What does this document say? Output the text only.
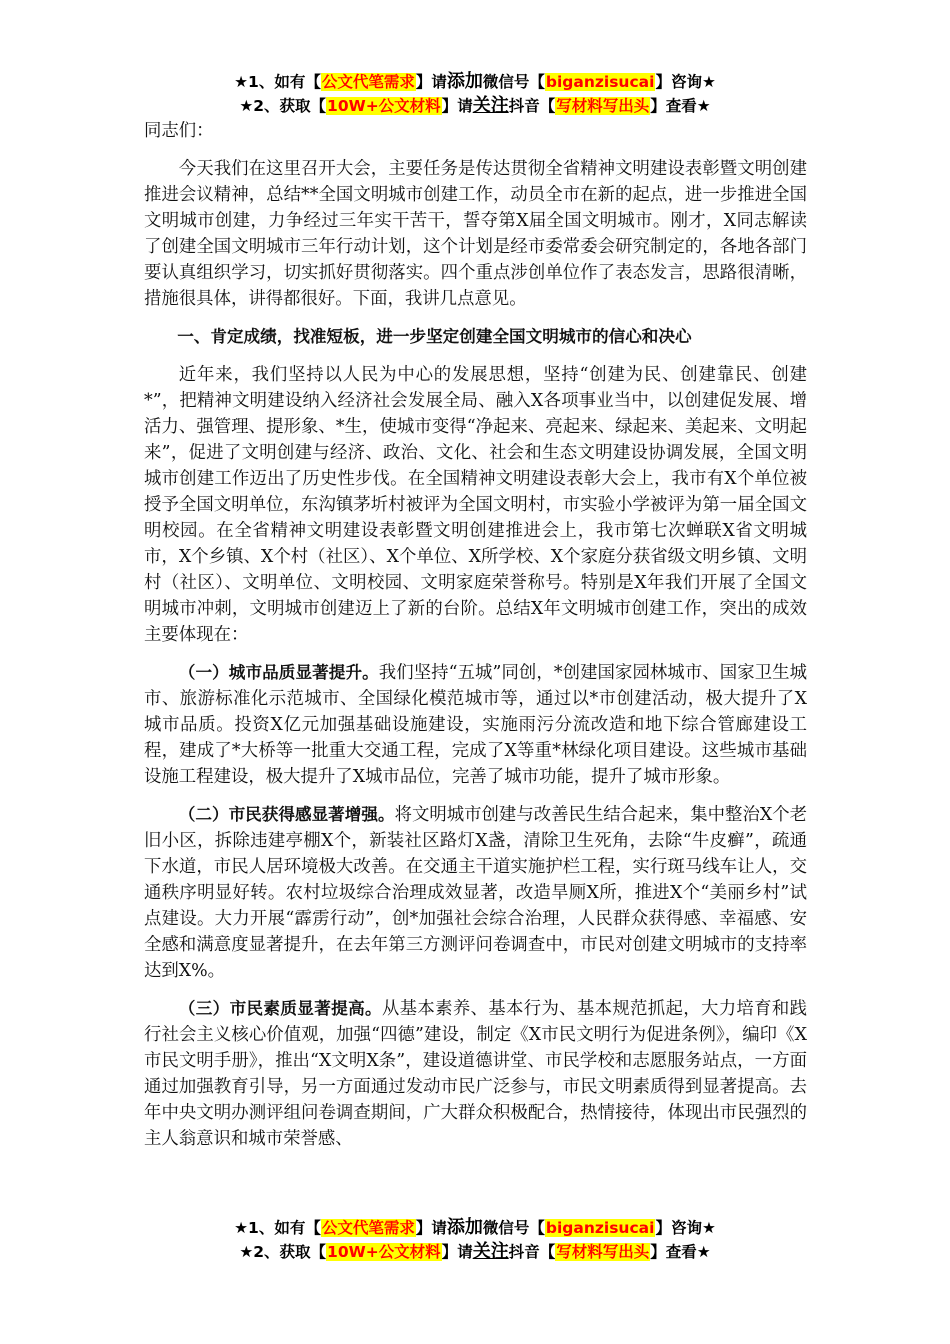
★1、如有【公文代笔需求】请添加微信号【biganzisucai】咨询★
★2、获取【10W+公文材料】请关注抖音【写材料写出头】查看★

同志们：

今天我们在这里召开大会，主要任务是传达贯彻全省精神文明建设表彰暨文明创建推进会议精神，总结**全国文明城市创建工作，动员全市在新的起点，进一步推进全国文明城市创建，力争经过三年实干苦干，誓夺第X届全国文明城市。刚才，X同志解读了创建全国文明城市三年行动计划，这个计划是经市委常委会研究制定的，各地各部门要认真组织学习，切实抓好贯彻落实。四个重点涉创单位作了表态发言，思路很清晰，措施很具体，讲得都很好。下面，我讲几点意见。

一、肯定成绩，找准短板，进一步坚定创建全国文明城市的信心和决心

近年来，我们坚持以人民为中心的发展思想，坚持“创建为民、创建靠民、创建*”，把精神文明建设纳入经济社会发展全局、融入X各项事业当中，以创建促发展、增活力、强管理、提形象、*生，使城市变得“净起来、亮起来、绿起来、美起来、文明起来”，促进了文明创建与经济、政治、文化、社会和生态文明建设协调发展，全国文明城市创建工作迈出了历史性步伐。在全国精神文明建设表彰大会上，我市有X个单位被授予全国文明单位，东沟镇茅圻村被评为全国文明村，市实验小学被评为第一届全国文明校园。在全省精神文明建设表彰暨文明创建推进会上，我市第七次蝉联X省文明城市，X个乡镇、X个村（社区）、X个单位、X所学校、X个家庭分获省级文明乡镇、文明村（社区）、文明单位、文明校园、文明家庭荣誉称号。特别是X年我们开展了全国文明城市冲刺，文明城市创建迈上了新的台阶。总结X年文明城市创建工作，突出的成效主要体现在：

（一）城市品质显著提升。我们坚持“五城”同创，*创建国家园林城市、国家卫生城市、旅游标准化示范城市、全国绿化模范城市等，通过以*市创建活动，极大提升了X城市品质。投资X亿元加强基础设施建设，实施雨污分流改造和地下综合管廊建设工程，建成了*大桥等一批重大交通工程，完成了X等重*林绿化项目建设。这些城市基础设施工程建设，极大提升了X城市品位，完善了城市功能，提升了城市形象。

（二）市民获得感显著增强。将文明城市创建与改善民生结合起来，集中整治X个老旧小区，拆除违建亭棚X个，新装社区路灯X盏，清除卫生死角，去除“牛皮癣”，疏通下水道，市民人居环境极大改善。在交通主干道实施护栏工程，实行斑马线车让人，交通秩序明显好转。农村垃圾综合治理成效显著，改造旱厕X所，推进X个“美丽乡村”试点建设。大力开展“霹雳行动”，创*加强社会综合治理，人民群众获得感、幸福感、安全感和满意度显著提升，在去年第三方测评问卷调查中，市民对创建文明城市的支持率达到X%。

（三）市民素质显著提高。从基本素养、基本行为、基本规范抓起，大力培育和践行社会主义核心价值观，加强“四德”建设，制定《X市民文明行为促进条例》，编印《X市民文明手册》，推出“X文明X条”，建设道德讲堂、市民学校和志愿服务站点，一方面通过加强教育引导，另一方面通过发动市民广泛参与，市民文明素质得到显著提高。去年中央文明办测评组问卷调查期间，广大群众积极配合，热情接待，体现出市民强烈的主人翁意识和城市荣誉感、

★1、如有【公文代笔需求】请添加微信号【biganzisucai】咨询★
★2、获取【10W+公文材料】请关注抖音【写材料写出头】查看★
